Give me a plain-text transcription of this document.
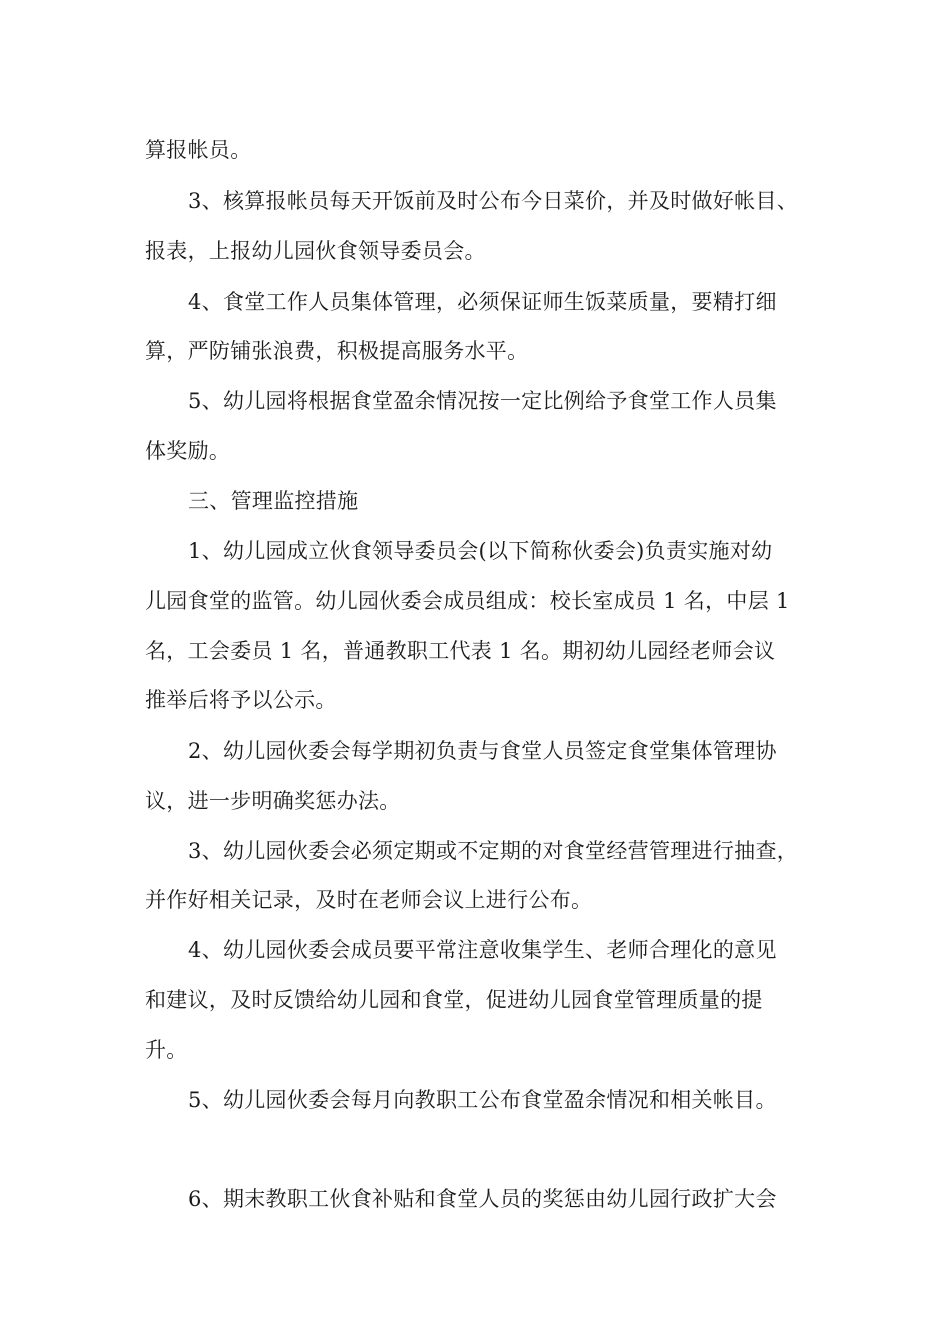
算报帐员。
3、核算报帐员每天开饭前及时公布今日菜价，并及时做好帐目、
报表，上报幼儿园伙食领导委员会。
4、食堂工作人员集体管理，必须保证师生饭菜质量，要精打细
算，严防铺张浪费，积极提高服务水平。
5、幼儿园将根据食堂盈余情况按一定比例给予食堂工作人员集
体奖励。
三、管理监控措施
1、幼儿园成立伙食领导委员会(以下简称伙委会)负责实施对幼
儿园食堂的监管。幼儿园伙委会成员组成：校长室成员 1 名，中层 1
名，工会委员 1 名，普通教职工代表 1 名。期初幼儿园经老师会议
推举后将予以公示。
2、幼儿园伙委会每学期初负责与食堂人员签定食堂集体管理协
议，进一步明确奖惩办法。
3、幼儿园伙委会必须定期或不定期的对食堂经营管理进行抽查，
并作好相关记录，及时在老师会议上进行公布。
4、幼儿园伙委会成员要平常注意收集学生、老师合理化的意见
和建议，及时反馈给幼儿园和食堂，促进幼儿园食堂管理质量的提
升。
5、幼儿园伙委会每月向教职工公布食堂盈余情况和相关帐目。
6、期末教职工伙食补贴和食堂人员的奖惩由幼儿园行政扩大会
